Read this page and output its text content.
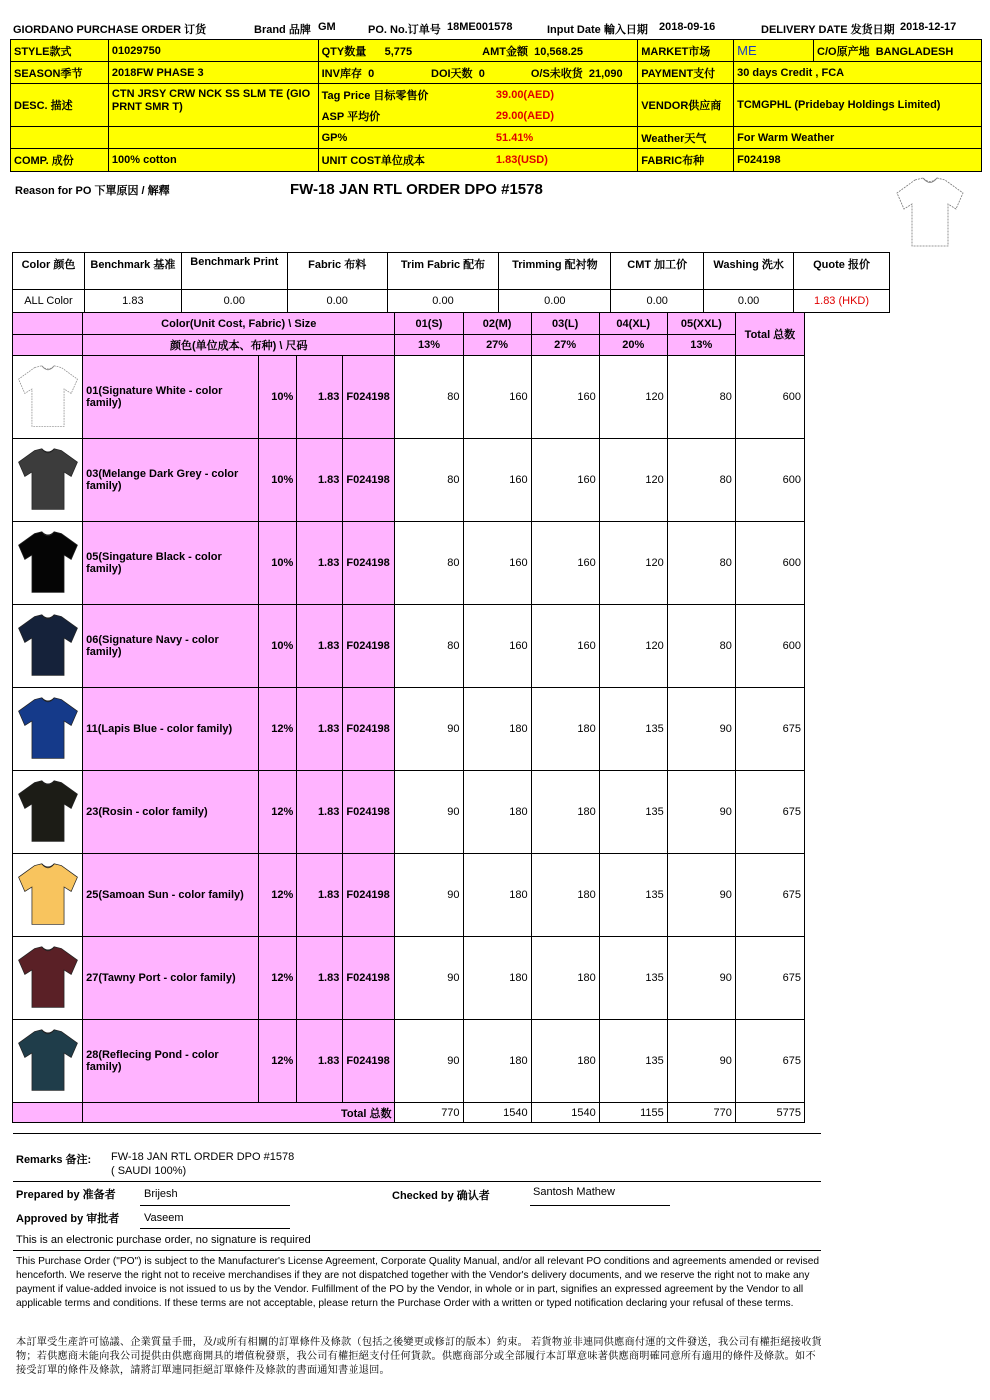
GIORDANO PURCHASE ORDER 订货	Brand 品牌 GM	PO. No.订单号 18ME001578	Input Date 輸入日期 2018-09-16	DELIVERY DATE 发货日期 2018-12-17
STYLE款式	01029750	QTY数量 5,775	AMT金额 10,568.25			MARKET市场	ME	C/O原产地 BANGLADESH
SEASON季节	2018FW PHASE 3	INV库存 0	DOI天数 0		O/S未收货 21,090	PAYMENT支付	30 days Credit , FCA	
DESC. 描述	CTN JRSY CRW NCK SS SLM TE (GIO PRNT SMR T)	Tag Price 目标零售价		39.00(AED)		VENDOR供应商	TCMGPHL (Pridebay Holdings Limited)	
		ASP 平均价		29.00(AED)				
		GP%		51.41%		Weather天气	For Warm Weather	
COMP. 成份	100% cotton	UNIT COST单位成本		1.83(USD)		FABRIC布种	F024198	
Reason for PO 下單原因 / 解釋	FW-18 JAN RTL ORDER DPO #1578
Color 颜色	Benchmark 基准	Benchmark Print	Fabric 布料	Trim Fabric 配布	Trimming 配衬物	CMT 加工价	Washing 洗水	Quote 报价
ALL Color	1.83	0.00	0.00	0.00	0.00	0.00	0.00	1.83 (HKD)
	Color(Unit Cost, Fabric) \ Size				01(S)	02(M)	03(L)	04(XL)	05(XXL)	Total 总数
	颜色(单位成本、布种) \ 尺码				13%	27%	27%	20%	13%	

	01(Signature White - color family)	10%	1.83	F024198	80	160	160	120	80	600

	03(Melange Dark Grey - color family)	10%	1.83	F024198	80	160	160	120	80	600

	05(Singature Black - color family)	10%	1.83	F024198	80	160	160	120	80	600

	06(Signature Navy - color family)	10%	1.83	F024198	80	160	160	120	80	600

	11(Lapis Blue - color family)	12%	1.83	F024198	90	180	180	135	90	675

	23(Rosin - color family)	12%	1.83	F024198	90	180	180	135	90	675

	25(Samoan Sun - color family)	12%	1.83	F024198	90	180	180	135	90	675

	27(Tawny Port - color family)	12%	1.83	F024198	90	180	180	135	90	675

	28(Reflecing Pond - color family)	12%	1.83	F024198	90	180	180	135	90	675
	Total 总数				770	1540	1540	1155	770	5775
Remarks 备注: FW-18 JAN RTL ORDER DPO #1578
( SAUDI 100%)
Prepared by 准备者	Brijesh	Checked by 确认者	Santosh Mathew
Approved by 审批者 Vaseem
This is an electronic purchase order, no signature is required
This Purchase Order ("PO") is subject to the Manufacturer's License Agreement, Corporate Quality Manual, and/or all relevant PO conditions and agreements amended or revised henceforth. We reserve the right not to receive merchandises if they are not dispatched together with the Vendor's delivery documents, and we reserve the right not to make any payment if value-added invoice is not issued to us by the Vendor. Fulfillment of the PO by the Vendor, in whole or in part, signifies an expressed agreement by the Vendor to all applicable terms and conditions. If these terms are not acceptable, please return the Purchase Order with a written or typed notification declaring your refusal of these terms.
本訂單受生產許可協議、企業質量手冊，及/或所有相關的訂單條件及條款（包括之後變更或修訂的版本）約束。 若貨物並非連同供應商付運的文件發送，我公司有權拒絕接收貨物；若供應商未能向我公司提供由供應商開具的增值稅發票，我公司有權拒絕支付任何貨款。供應商部分或全部履行本訂單意味著供應商明確同意所有適用的條件及條款。如不接受訂單的條件及條款，請將訂單連同拒絕訂單條件及條款的書面通知書並退回。
